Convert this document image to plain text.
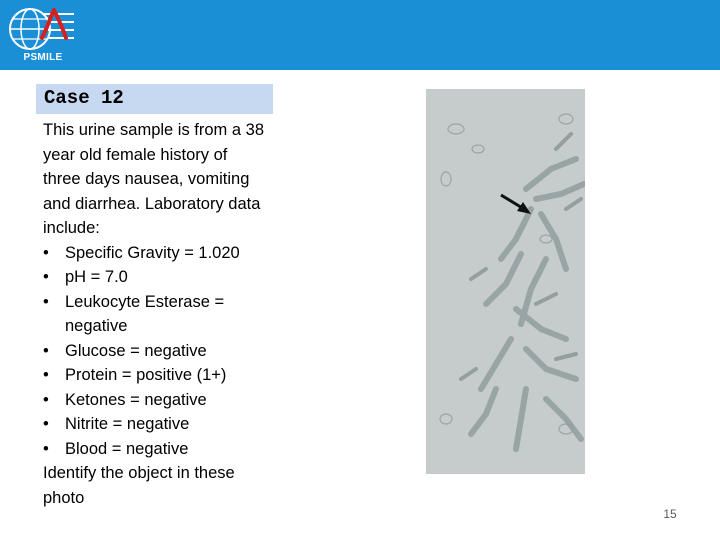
PSMILE
Case 12

This urine sample is from a 38 year old female history of three days nausea, vomiting and diarrhea. Laboratory data include:

• Specific Gravity = 1.020
• pH = 7.0
• Leukocyte Esterase = negative
• Glucose = negative
• Protein = positive (1+)
• Ketones = negative
• Nitrite = negative
• Blood = negative

Identify the object in these photo

15
